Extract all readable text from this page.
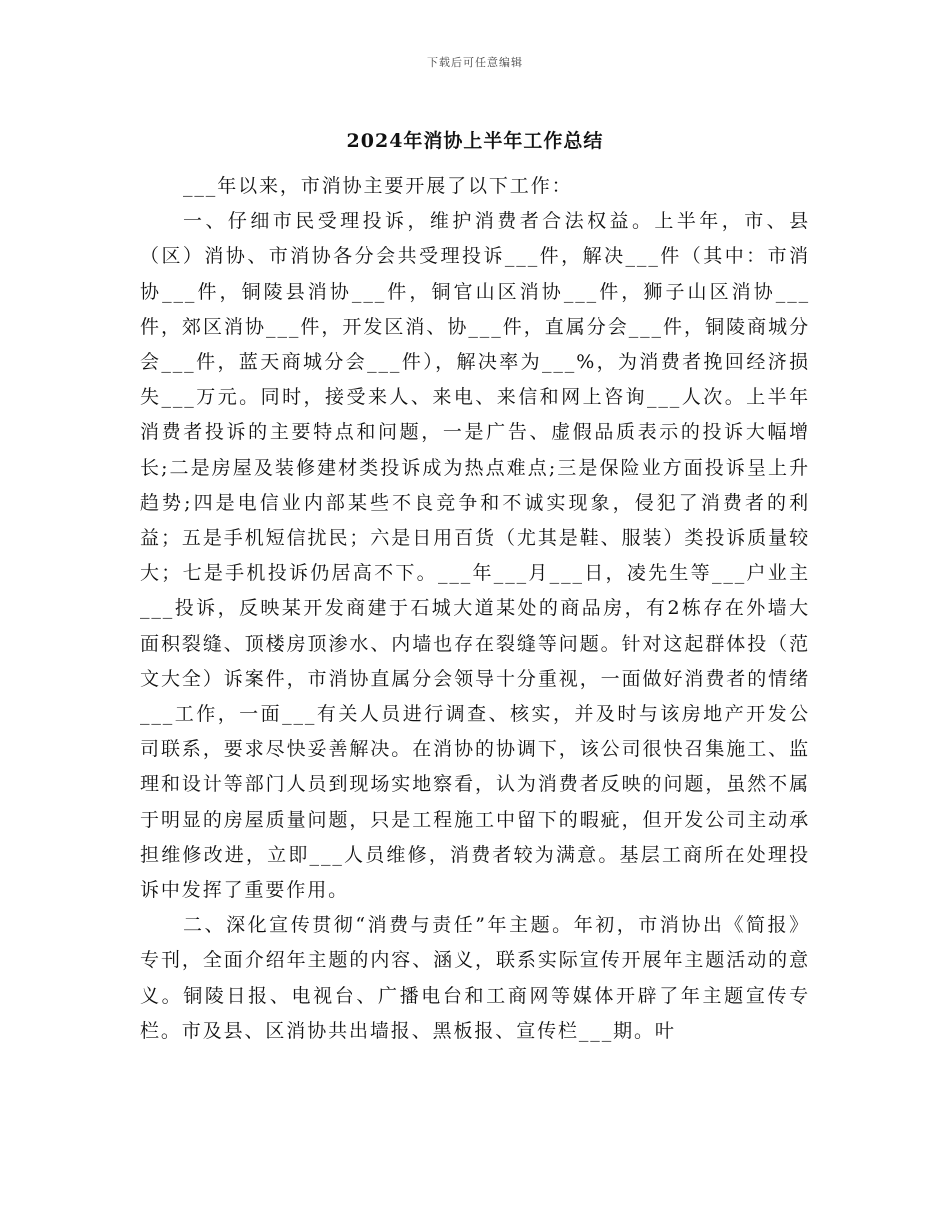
下载后可任意编辑
2024年消协上半年工作总结

___年以来，市消协主要开展了以下工作：

一、仔细市民受理投诉，维护消费者合法权益。上半年，市、县（区）消协、市消协各分会共受理投诉___件，解决___件（其中：市消协___件，铜陵县消协___件，铜官山区消协___件，狮子山区消协___件，郊区消协___件，开发区消、协___件，直属分会___件，铜陵商城分会___件，蓝天商城分会___件），解决率为___%，为消费者挽回经济损失___万元。同时，接受来人、来电、来信和网上咨询___人次。上半年消费者投诉的主要特点和问题，一是广告、虚假品质表示的投诉大幅增长;二是房屋及装修建材类投诉成为热点难点;三是保险业方面投诉呈上升趋势;四是电信业内部某些不良竞争和不诚实现象，侵犯了消费者的利益；五是手机短信扰民；六是日用百货（尤其是鞋、服装）类投诉质量较大；七是手机投诉仍居高不下。___年___月___日，凌先生等___户业主___投诉，反映某开发商建于石城大道某处的商品房，有2栋存在外墙大面积裂缝、顶楼房顶渗水、内墙也存在裂缝等问题。针对这起群体投（范文大全）诉案件，市消协直属分会领导十分重视，一面做好消费者的情绪___工作，一面___有关人员进行调查、核实，并及时与该房地产开发公司联系，要求尽快妥善解决。在消协的协调下，该公司很快召集施工、监理和设计等部门人员到现场实地察看，认为消费者反映的问题，虽然不属于明显的房屋质量问题，只是工程施工中留下的暇疵，但开发公司主动承担维修改进，立即___人员维修，消费者较为满意。基层工商所在处理投诉中发挥了重要作用。

二、深化宣传贯彻“消费与责任”年主题。年初，市消协出《简报》专刊，全面介绍年主题的内容、涵义，联系实际宣传开展年主题活动的意义。铜陵日报、电视台、广播电台和工商网等媒体开辟了年主题宣传专栏。市及县、区消协共出墙报、黑板报、宣传栏___期。叶
